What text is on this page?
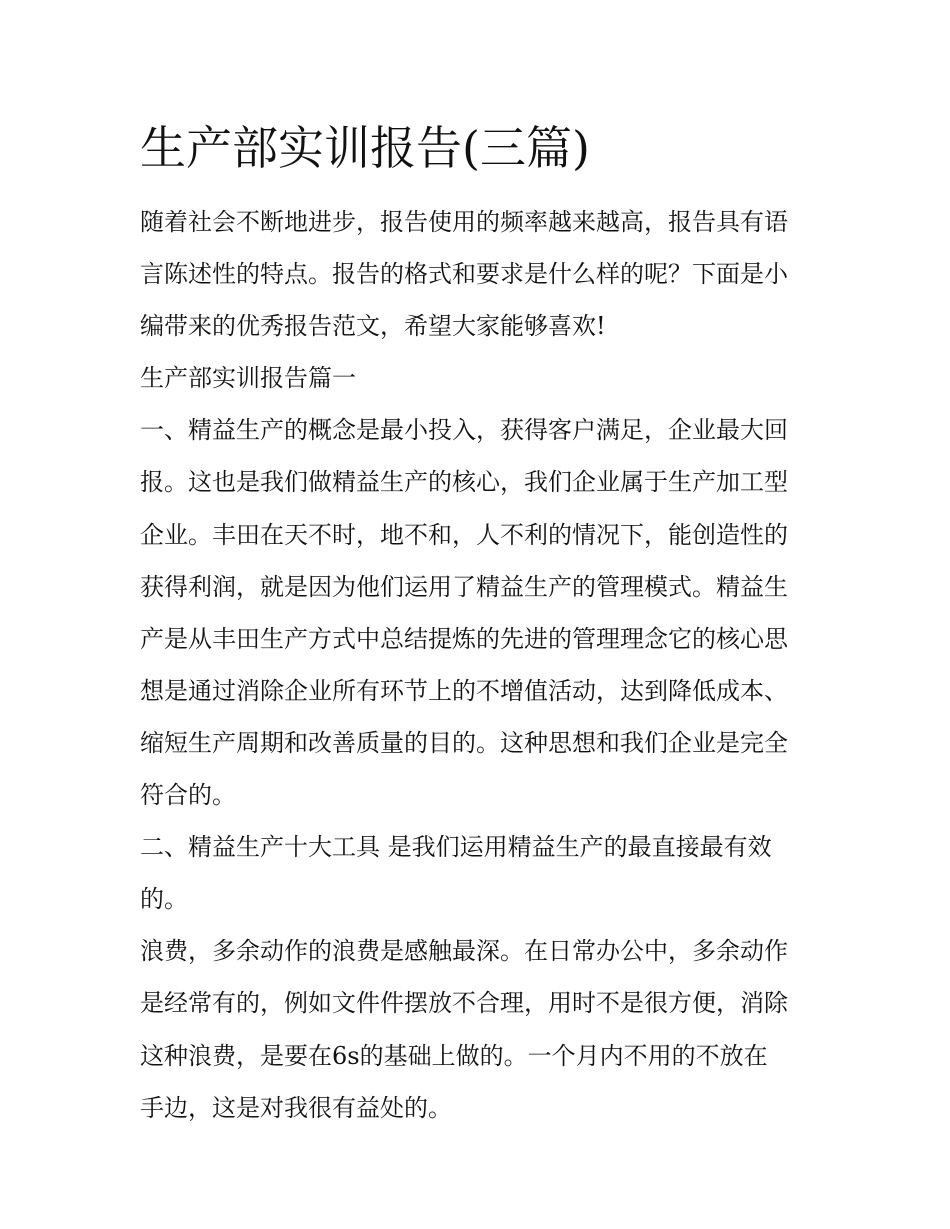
生产部实训报告(三篇)
随着社会不断地进步，报告使用的频率越来越高，报告具有语
言陈述性的特点。报告的格式和要求是什么样的呢？下面是小
编带来的优秀报告范文，希望大家能够喜欢!
生产部实训报告篇一
一、精益生产的概念是最小投入，获得客户满足，企业最大回
报。这也是我们做精益生产的核心，我们企业属于生产加工型
企业。丰田在天不时，地不和，人不利的情况下，能创造性的
获得利润，就是因为他们运用了精益生产的管理模式。精益生
产是从丰田生产方式中总结提炼的先进的管理理念它的核心思
想是通过消除企业所有环节上的不增值活动，达到降低成本、
缩短生产周期和改善质量的目的。这种思想和我们企业是完全
符合的。
二、精益生产十大工具 是我们运用精益生产的最直接最有效
的。
浪费，多余动作的浪费是感触最深。在日常办公中，多余动作
是经常有的，例如文件件摆放不合理，用时不是很方便，消除
这种浪费，是要在6s的基础上做的。一个月内不用的不放在
手边，这是对我很有益处的。
